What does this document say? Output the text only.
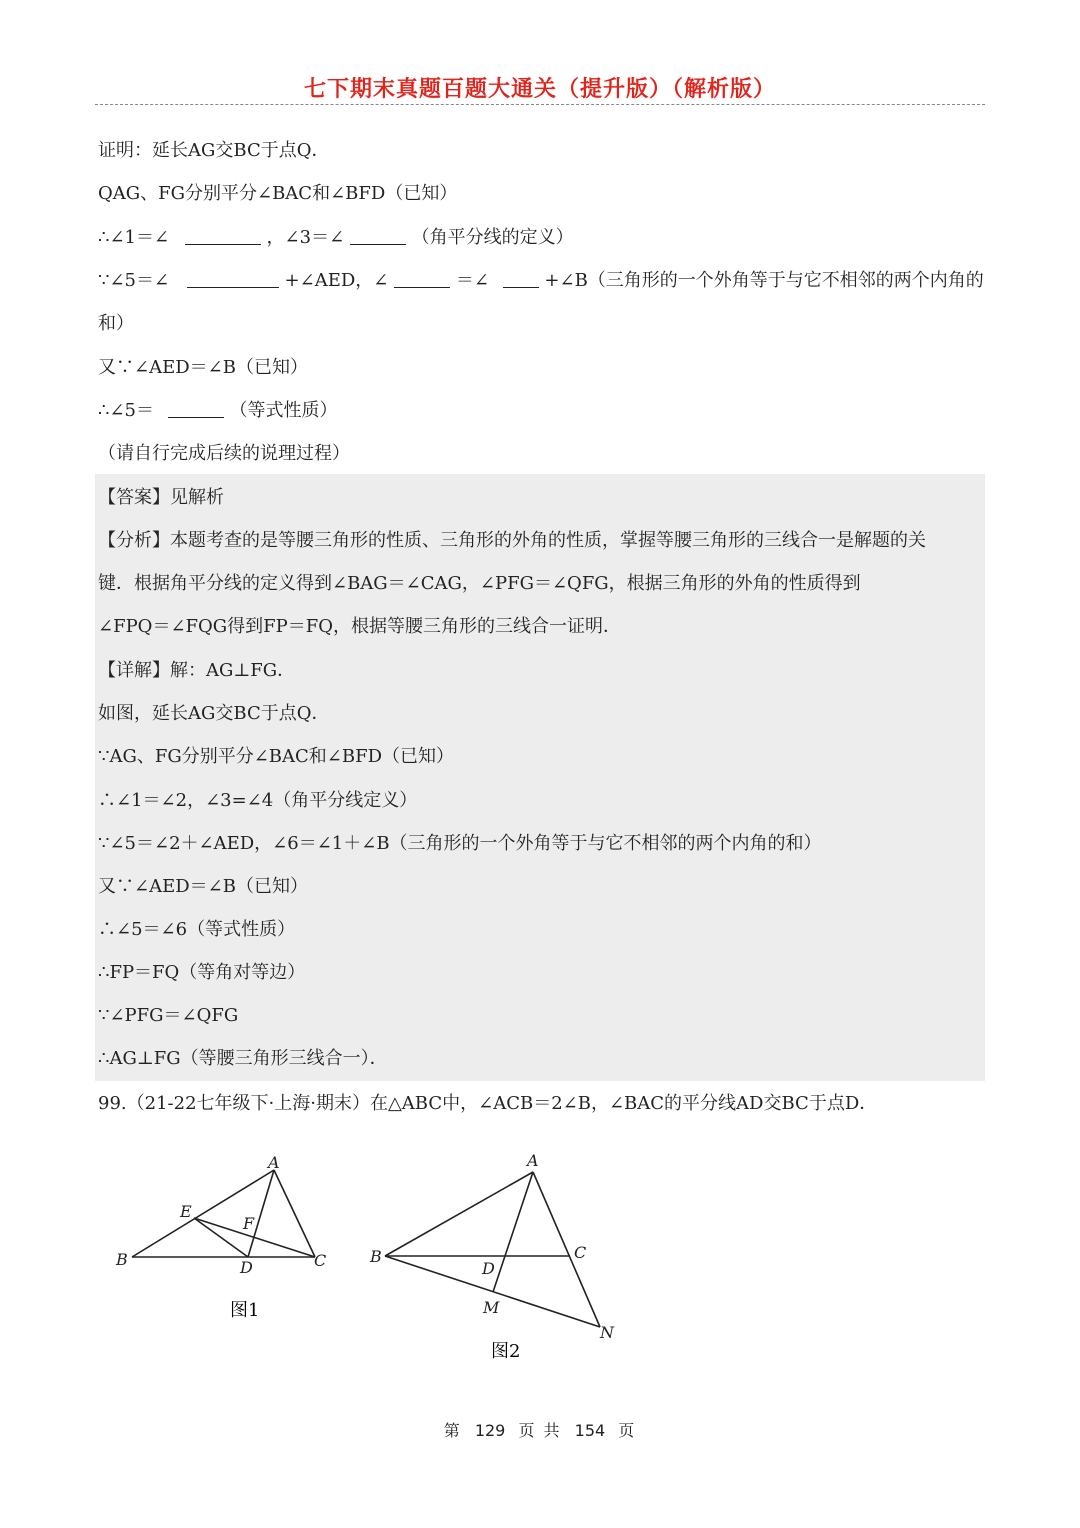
七下期末真题百题大通关（提升版）（解析版）
证明：延长AG交BC于点Q．
QAG、FG分别平分∠BAC和∠BFD（已知）
∴∠1＝∠	，∠3＝∠	（角平分线的定义）
∵∠5＝∠	+∠AED，∠	＝∠	+∠B（三角形的一个外角等于与它不相邻的两个内角的
和）
又∵∠AED＝∠B（已知）
∴∠5＝	（等式性质）
（请自行完成后续的说理过程）
【答案】见解析
【分析】本题考查的是等腰三角形的性质、三角形的外角的性质，掌握等腰三角形的三线合一是解题的关
键．根据角平分线的定义得到∠BAG＝∠CAG，∠PFG＝∠QFG，根据三角形的外角的性质得到
∠FPQ＝∠FQG得到FP＝FQ，根据等腰三角形的三线合一证明．
【详解】解：AG⊥FG．
如图，延长AG交BC于点Q．
∵AG、FG分别平分∠BAC和∠BFD（已知）
∴∠1＝∠2，∠3=∠4（角平分线定义）
∵∠5＝∠2＋∠AED，∠6＝∠1＋∠B（三角形的一个外角等于与它不相邻的两个内角的和）
又∵∠AED＝∠B（已知）
∴∠5＝∠6（等式性质）
∴FP＝FQ（等角对等边）
∵∠PFG＝∠QFG
∴AG⊥FG（等腰三角形三线合一）．
99.（21-22七年级下·上海·期末）在△ABC中，∠ACB＝2∠B，∠BAC的平分线AD交BC于点D．
A
B	C
D
E
F
图1
A
B	C
D
M
N
图2
第 129 页 共 154 页
